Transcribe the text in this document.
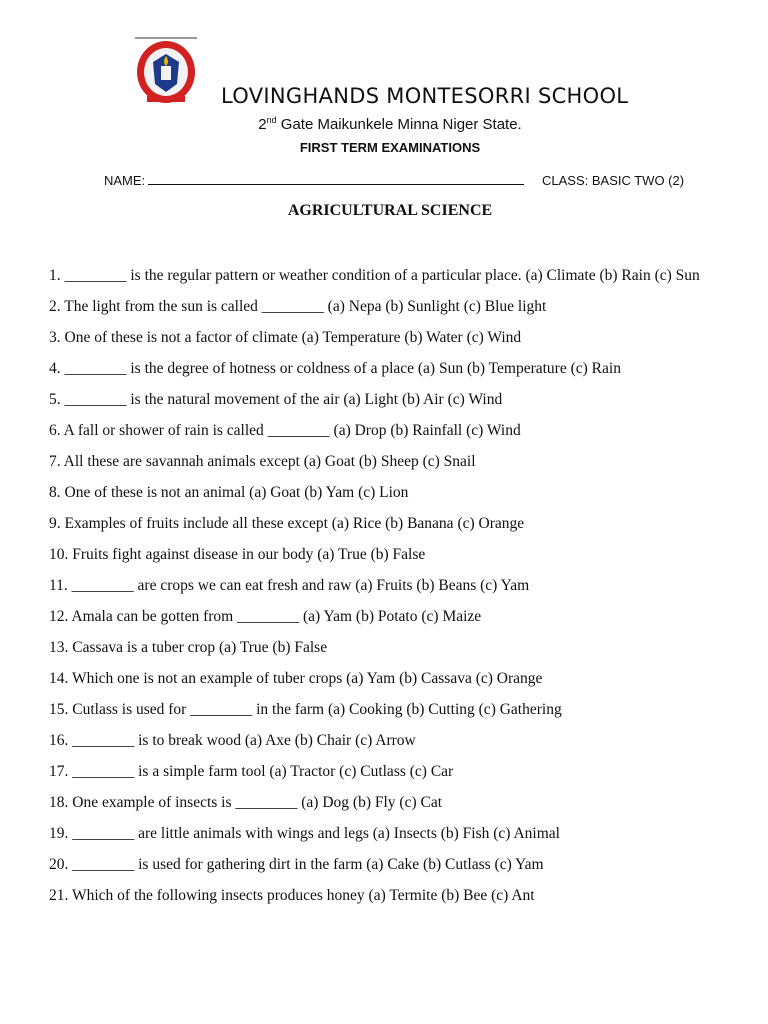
LOVINGHANDS MONTESORRI SCHOOL
2nd Gate Maikunkele Minna Niger State.
FIRST TERM EXAMINATIONS
NAME:	CLASS: BASIC TWO (2)
AGRICULTURAL SCIENCE

1. ________ is the regular pattern or weather condition of a particular place. (a) Climate (b) Rain (c) Sun

2. The light from the sun is called ________ (a) Nepa (b) Sunlight (c) Blue light

3. One of these is not a factor of climate (a) Temperature (b) Water (c) Wind

4. ________ is the degree of hotness or coldness of a place (a) Sun (b) Temperature (c) Rain

5. ________ is the natural movement of the air (a) Light (b) Air (c) Wind

6. A fall or shower of rain is called ________ (a) Drop (b) Rainfall (c) Wind

7. All these are savannah animals except (a) Goat (b) Sheep (c) Snail

8. One of these is not an animal (a) Goat (b) Yam (c) Lion

9. Examples of fruits include all these except (a) Rice (b) Banana (c) Orange

10. Fruits fight against disease in our body (a) True (b) False

11. ________ are crops we can eat fresh and raw (a) Fruits (b) Beans (c) Yam

12. Amala can be gotten from ________ (a) Yam (b) Potato (c) Maize

13. Cassava is a tuber crop (a) True (b) False

14. Which one is not an example of tuber crops (a) Yam (b) Cassava (c) Orange

15. Cutlass is used for ________ in the farm (a) Cooking (b) Cutting (c) Gathering

16. ________ is to break wood (a) Axe (b) Chair (c) Arrow

17. ________ is a simple farm tool (a) Tractor (c) Cutlass (c) Car

18. One example of insects is ________ (a) Dog (b) Fly (c) Cat

19. ________ are little animals with wings and legs (a) Insects (b) Fish (c) Animal

20. ________ is used for gathering dirt in the farm (a) Cake (b) Cutlass (c) Yam

21. Which of the following insects produces honey (a) Termite (b) Bee (c) Ant
